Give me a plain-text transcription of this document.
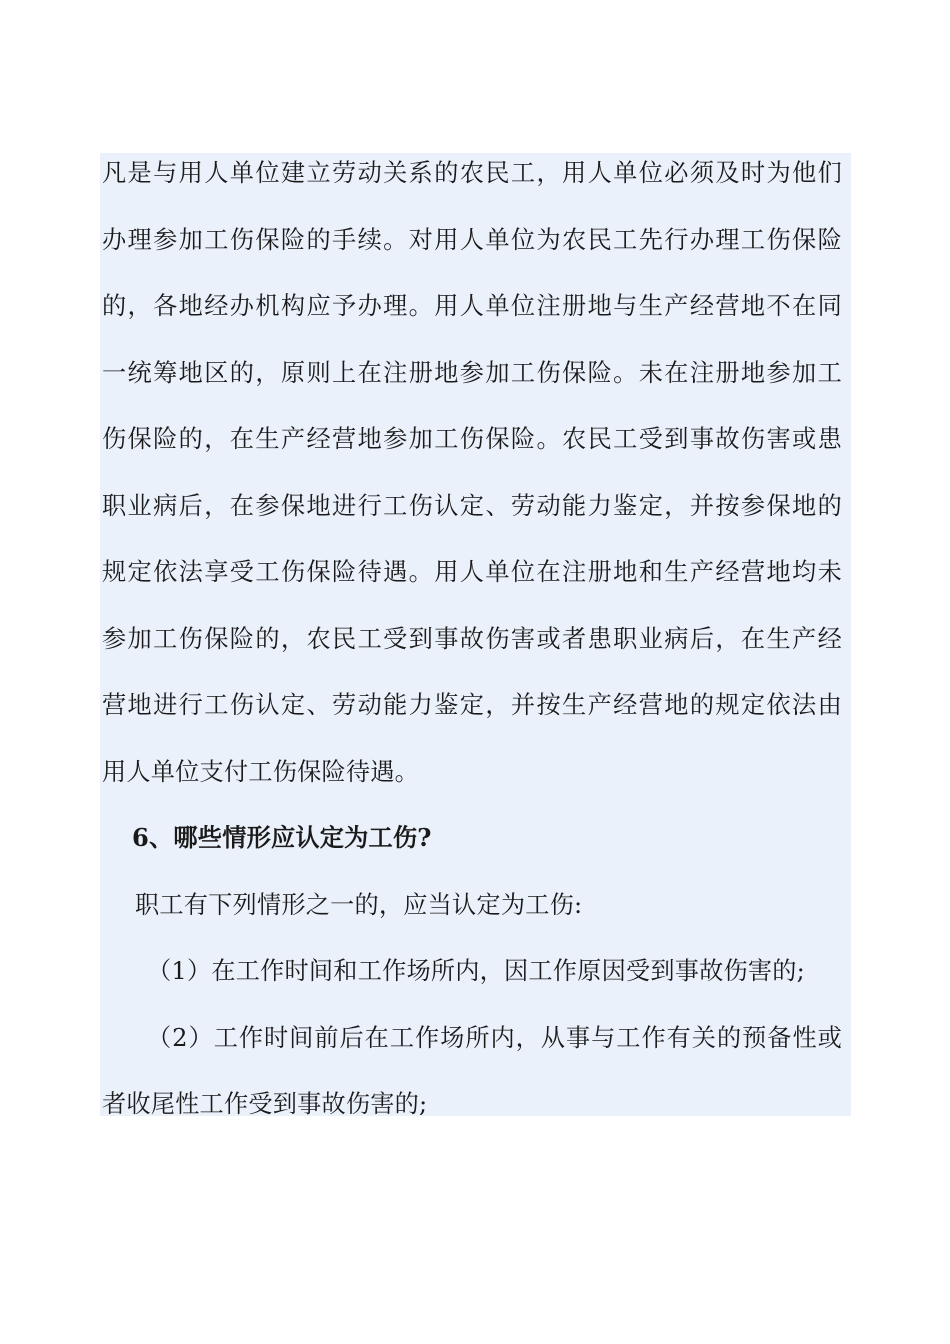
凡是与用人单位建立劳动关系的农民工，用人单位必须及时为他们
办理参加工伤保险的手续。对用人单位为农民工先行办理工伤保险
的，各地经办机构应予办理。用人单位注册地与生产经营地不在同
一统筹地区的，原则上在注册地参加工伤保险。未在注册地参加工
伤保险的，在生产经营地参加工伤保险。农民工受到事故伤害或患
职业病后，在参保地进行工伤认定、劳动能力鉴定，并按参保地的
规定依法享受工伤保险待遇。用人单位在注册地和生产经营地均未
参加工伤保险的，农民工受到事故伤害或者患职业病后，在生产经
营地进行工伤认定、劳动能力鉴定，并按生产经营地的规定依法由
用人单位支付工伤保险待遇。
6、哪些情形应认定为工伤?
职工有下列情形之一的，应当认定为工伤:
（1）在工作时间和工作场所内，因工作原因受到事故伤害的;
（2）工作时间前后在工作场所内，从事与工作有关的预备性或
者收尾性工作受到事故伤害的;
